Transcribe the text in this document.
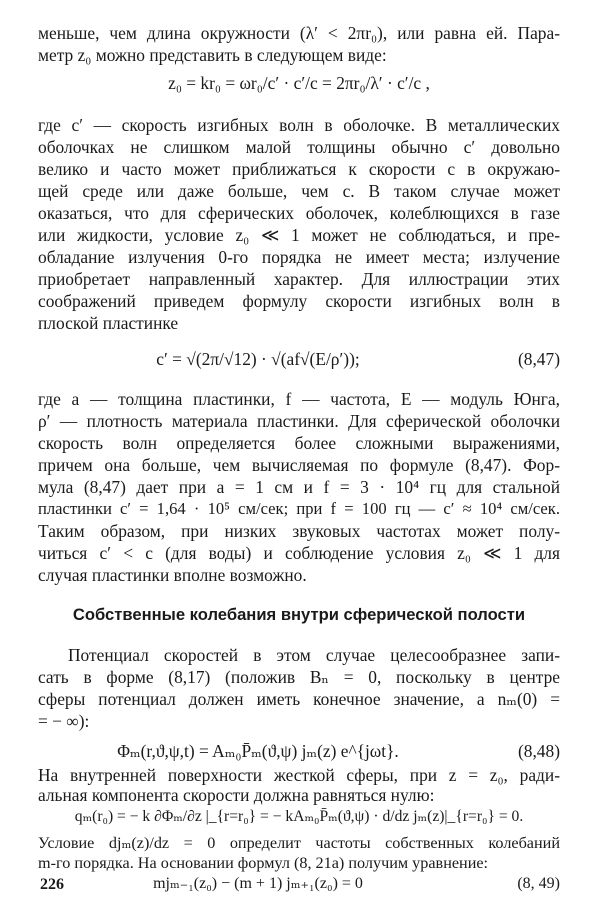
меньше, чем длина окружности (λ′ < 2πr₀), или равна ей. Пара-
метр z₀ можно представить в следующем виде:
z₀ = kr₀ = ωr₀/c′ · c′/c = 2πr₀/λ′ · c′/c ,
где c′ — скорость изгибных волн в оболочке. В металлических
оболочках не слишком малой толщины обычно c′ довольно
велико и часто может приближаться к скорости c в окружаю-
щей среде или даже больше, чем c. В таком случае может
оказаться, что для сферических оболочек, колеблющихся в газе
или жидкости, условие z₀ ≪ 1 может не соблюдаться, и пре-
обладание излучения 0-го порядка не имеет места; излучение
приобретает направленный характер. Для иллюстрации этих
соображений приведем формулу скорости изгибных волн в
плоской пластинке
c′ = √(2π/√12) · √(af√(E/ρ′));	(8,47)
где a — толщина пластинки, f — частота, E — модуль Юнга,
ρ′ — плотность материала пластинки. Для сферической оболочки
скорость волн определяется более сложными выражениями,
причем она больше, чем вычисляемая по формуле (8,47). Фор-
мула (8,47) дает при a = 1 см и f = 3 · 10⁴ гц для стальной
пластинки c′ = 1,64 · 10⁵ см/сек; при f = 100 гц — c′ ≈ 10⁴ см/сек.
Таким образом, при низких звуковых частотах может полу-
читься c′ < c (для воды) и соблюдение условия z₀ ≪ 1 для
случая пластинки вполне возможно.
Собственные колебания внутри сферической полости
Потенциал скоростей в этом случае целесообразнее запи-
сать в форме (8,17) (положив Bₙ = 0, поскольку в центре
сферы потенциал должен иметь конечное значение, а nₘ(0) =
= − ∞):
Φₘ(r,ϑ,ψ,t) = Aₘ₀P̄ₘ(ϑ,ψ) jₘ(z) e^{jωt}.	(8,48)
На внутренней поверхности жесткой сферы, при z = z₀, ради-
альная компонента скорости должна равняться нулю:
qₘ(r₀) = − k ∂Φₘ/∂z |_{r=r₀} = − kAₘ₀P̄ₘ(ϑ,ψ) · d/dz jₘ(z)|_{r=r₀} = 0.
226
Условие djₘ(z)/dz = 0 определит частоты собственных колебаний
m-го порядка. На основании формул (8, 21а) получим уравнение:
mjₘ₋₁(z₀) − (m + 1) jₘ₊₁(z₀) = 0	(8, 49)
